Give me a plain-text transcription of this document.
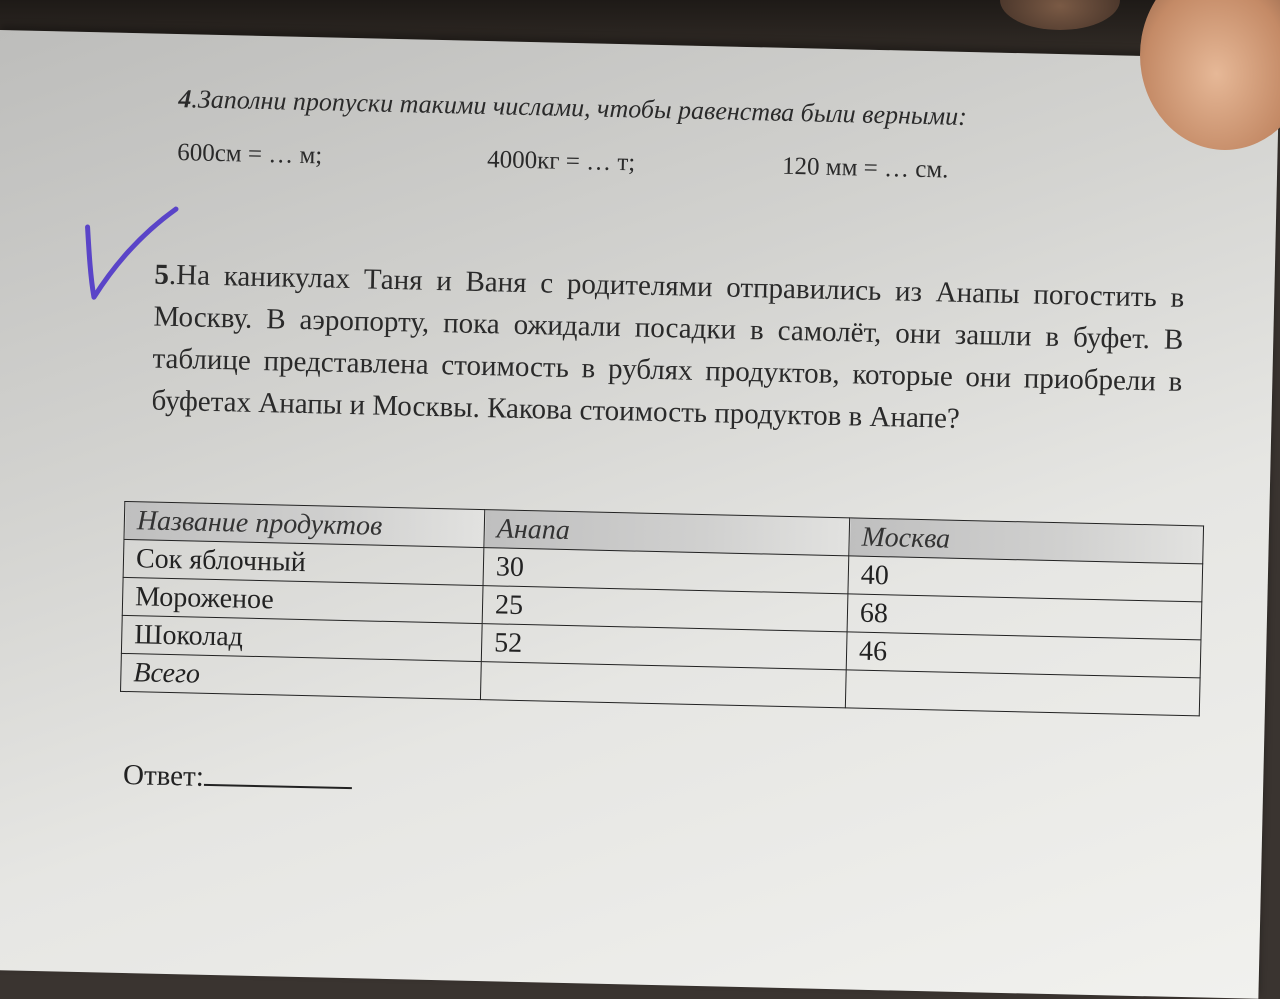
4.Заполни пропуски такими числами, чтобы равенства были верными:
600см = … м;	4000кг = … т;	120 мм = … см.
5.На каникулах Таня и Ваня с родителями отправились из Анапы погостить в Москву. В аэропорту, пока ожидали посадки в самолёт, они зашли в буфет. В таблице представлена стоимость в рублях продуктов, которые они приобрели в буфетах Анапы и Москвы. Какова стоимость продуктов в Анапе?
Название продуктов	Анапа	Москва
Сок яблочный	30	40
Мороженое	25	68
Шоколад	52	46
Всего		
Ответ:
